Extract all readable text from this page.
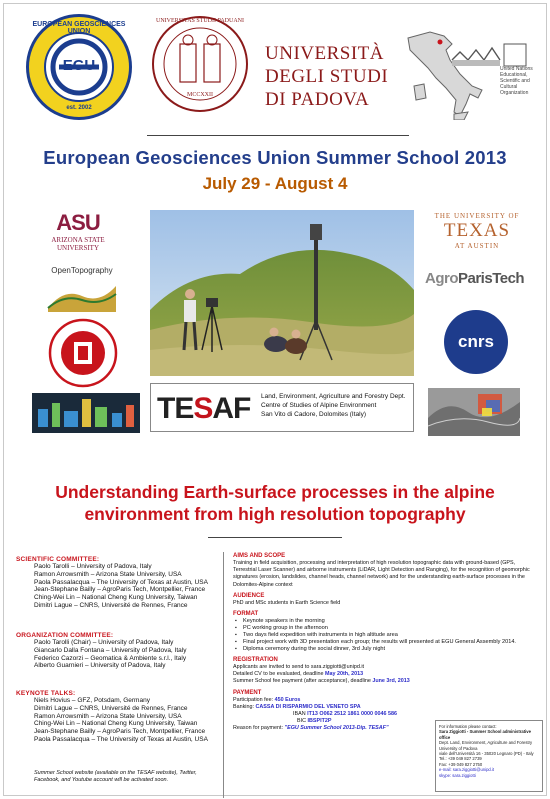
EUROPEAN GEOSCIENCES UNION
EGU
est. 2002
UNIVERSITAS STUDII PADUANI
MCCXXII
UNIVERSITÀ
DEGLI STUDI
DI PADOVA
United Nations Educational, Scientific and Cultural Organization
European Geosciences Union Summer School 2013
July 29 - August 4
ASU
ARIZONA STATE
UNIVERSITY
OpenTopography
THE UNIVERSITY OF
TEXAS
AT AUSTIN
AgroParisTech
cnrs
TESAF Land, Environment, Agriculture and Forestry Dept.
Centre of Studies of Alpine Environment
San Vito di Cadore, Dolomites (Italy)
Understanding Earth-surface processes in the alpine
environment from high resolution topography
SCIENTIFIC COMMITTEE:
Paolo Tarolli – University of Padova, Italy
Ramon Arrowsmith – Arizona State University, USA
Paola Passalacqua – The University of Texas at Austin, USA
Jean-Stephane Bailly – AgroParis Tech, Montpellier, France
Ching-Wei Lin – National Cheng Kung University, Taiwan
Dimitri Lague – CNRS, Université de Rennes, France
ORGANIZATION COMMITTEE:
Paolo Tarolli (Chair) – University of Padova, Italy
Giancarlo Dalla Fontana – University of Padova, Italy
Federico Cazorzi – Geomatica & Ambiente s.r.l., Italy
Alberto Guarnieri – University of Padova, Italy
KEYNOTE TALKS:
Niels Hovius – GFZ, Potsdam, Germany
Dimitri Lague – CNRS, Université de Rennes, France
Ramon Arrowsmith – Arizona State University, USA
Ching-Wei Lin – National Cheng Kung University, Taiwan
Jean-Stephane Bailly – AgroParis Tech, Montpellier, France
Paola Passalacqua – The University of Texas at Austin, USA
Summer School website (available on the TESAF website), Twitter, Facebook, and Youtube account will be activated soon.
AIMS AND SCOPE
Training in field acquisition, processing and interpretation of high resolution topographic data with ground-based (GPS, Terrestrial Laser Scanner) and airborne instruments (LiDAR, Light Detection and Ranging), for the recognition of geomorphic signatures (erosion, landslides, channel heads, channel network) and for the understanding earth-surface processes in the Dolomites-Alpine context
AUDIENCE
PhD and MSc students in Earth Science field
FORMAT
▪ Keynote speakers in the morning
▪ PC working group in the afternoon
▪ Two days field expedition with instruments in high altitude area
▪ Final project work with 3D presentation each group; the results will presented at EGU General Assembly 2014.
▪ Diploma ceremony during the social dinner, 3rd July night
REGISTRATION
Applicants are invited to send to sara.ziggiotti@unipd.it
Detailed CV to be evaluated, deadline May 20th, 2013
Summer School fee payment (after acceptance), deadline June 3rd, 2013
PAYMENT
Participation fee: 450 Euros
Banking: CASSA DI RISPARMIO DEL VENETO SPA
IBAN IT13 O062 2512 1861 0000 0046 586
BIC IBSPIT2P
Reason for payment: "EGU Summer School 2013-Dip. TESAF"	For information please contact:
Sara Ziggiotti - Summer School administrative office
Dept. Land, Environment, Agriculture and Forestry
University of Padova
viale dell'Università 16 - 35020 Legnaro (PD) - Italy
Tel.: +39 049 827 2739
Fax: +39 049 827 2750
e-mail: sara.ziggiotti@unipd.it
skype: sara.ziggiotti
